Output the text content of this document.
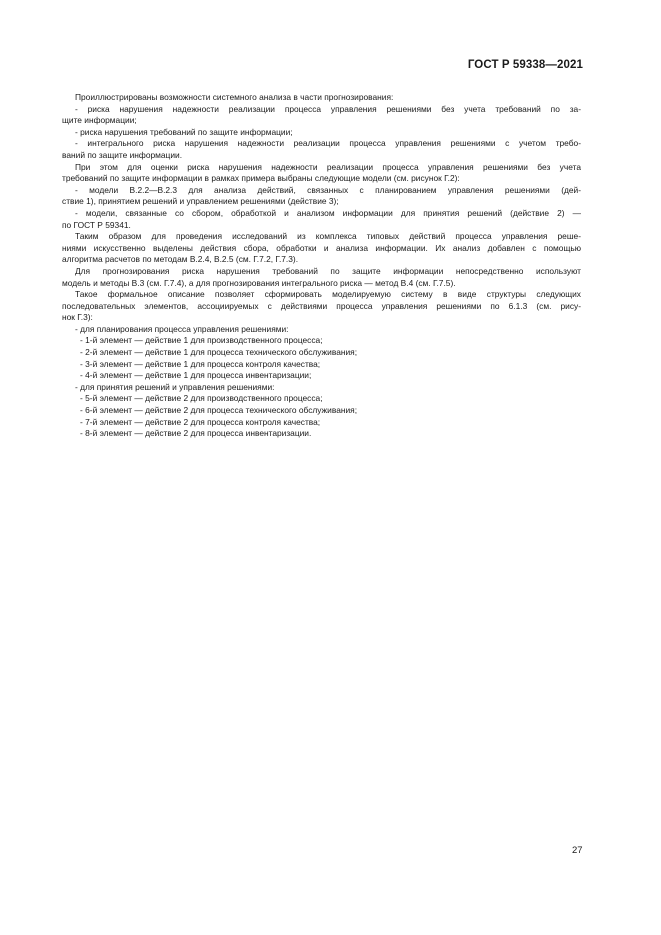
ГОСТ Р 59338—2021
Проиллюстрированы возможности системного анализа в части прогнозирования:
- риска нарушения надежности реализации процесса управления решениями без учета требований по за-
щите информации;
- риска нарушения требований по защите информации;
- интегрального риска нарушения надежности реализации процесса управления решениями с учетом требо-
ваний по защите информации.
При этом для оценки риска нарушения надежности реализации процесса управления решениями без учета
требований по защите информации в рамках примера выбраны следующие модели (см. рисунок Г.2):
- модели В.2.2—В.2.3 для анализа действий, связанных с планированием управления решениями (дей-
ствие 1), принятием решений и управлением решениями (действие 3);
- модели, связанные со сбором, обработкой и анализом информации для принятия решений (действие 2) —
по ГОСТ Р 59341.
Таким образом для проведения исследований из комплекса типовых действий процесса управления реше-
ниями искусственно выделены действия сбора, обработки и анализа информации. Их анализ добавлен с помощью
алгоритма расчетов по методам В.2.4, В.2.5 (см. Г.7.2, Г.7.3).
Для прогнозирования риска нарушения требований по защите информации непосредственно используют
модель и методы В.3 (см. Г.7.4), а для прогнозирования интегрального риска — метод В.4 (см. Г.7.5).
Такое формальное описание позволяет сформировать моделируемую систему в виде структуры следующих
последовательных элементов, ассоциируемых с действиями процесса управления решениями по 6.1.3 (см. рису-
нок Г.3):
- для планирования процесса управления решениями:
- 1-й элемент — действие 1 для производственного процесса;
- 2-й элемент — действие 1 для процесса технического обслуживания;
- 3-й элемент — действие 1 для процесса контроля качества;
- 4-й элемент — действие 1 для процесса инвентаризации;
- для принятия решений и управления решениями:
- 5-й элемент — действие 2 для производственного процесса;
- 6-й элемент — действие 2 для процесса технического обслуживания;
- 7-й элемент — действие 2 для процесса контроля качества;
- 8-й элемент — действие 2 для процесса инвентаризации.
27
